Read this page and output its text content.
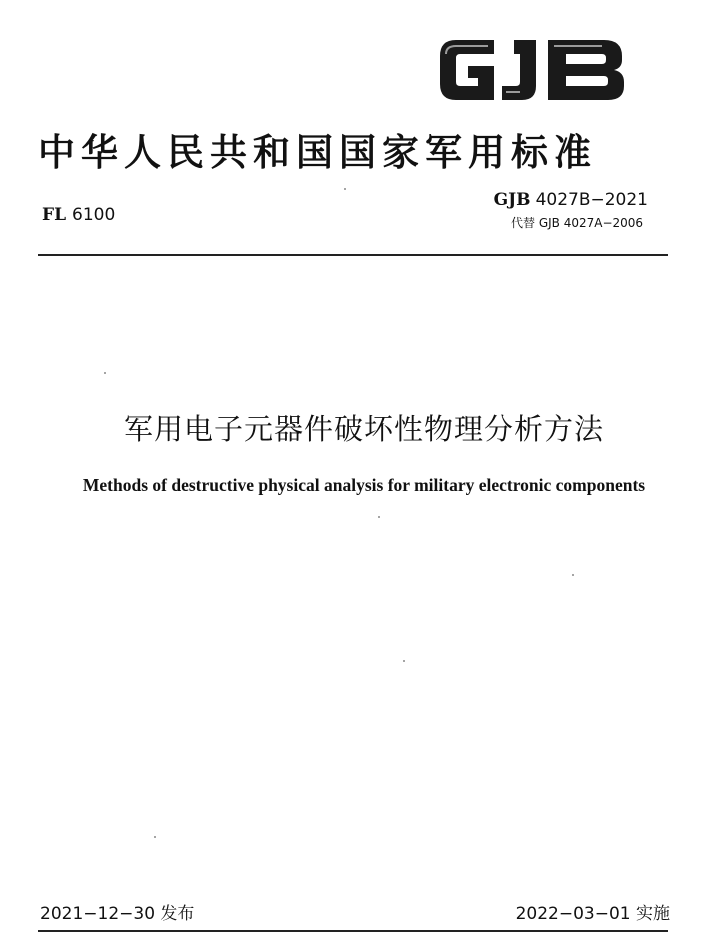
中华人民共和国国家军用标准
FL 6100
GJB 4027B−2021
代替 GJB 4027A−2006
军用电子元器件破坏性物理分析方法
Methods of destructive physical analysis for military electronic components
2021−12−30 发布	2022−03−01 实施
